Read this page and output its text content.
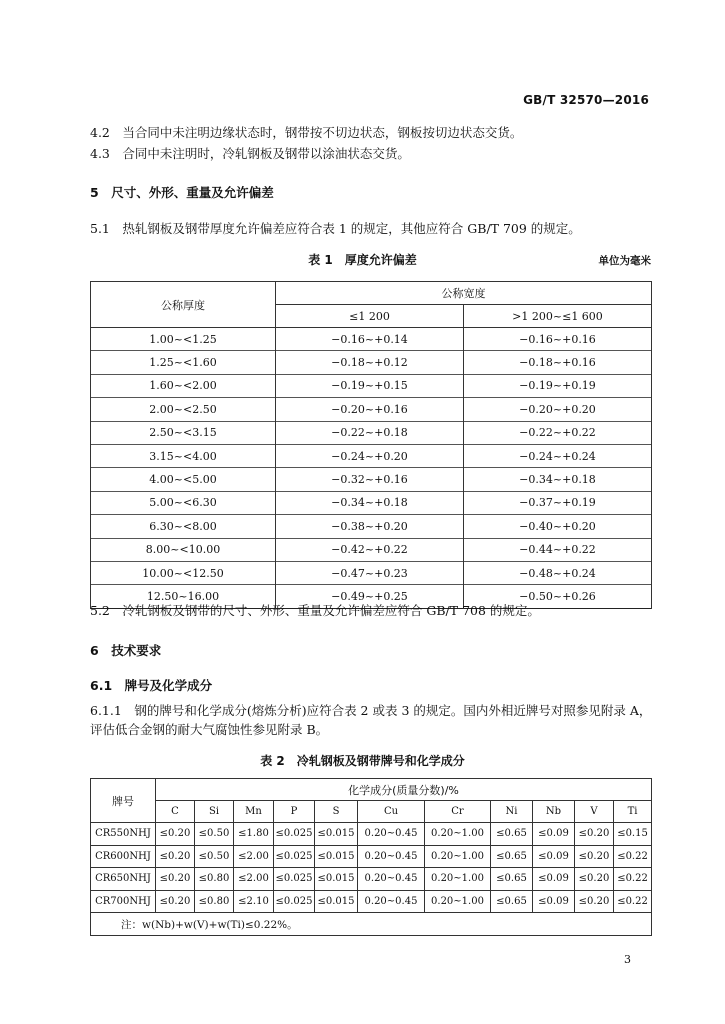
GB/T 32570—2016
4.2　 当合同中未注明边缘状态时，钢带按不切边状态，钢板按切边状态交货。
4.3　 合同中未注明时，冷轧钢板及钢带以涂油状态交货。
5　 尺寸、外形、重量及允许偏差
5.1　 热轧钢板及钢带厚度允许偏差应符合表 1 的规定，其他应符合 GB/T 709 的规定。
表 1　厚度允许偏差	单位为毫米
公称厚度	公称宽度	
	≤1 200	>1 200~≤1 600
1.00~<1.25	−0.16~+0.14	−0.16~+0.16
1.25~<1.60	−0.18~+0.12	−0.18~+0.16
1.60~<2.00	−0.19~+0.15	−0.19~+0.19
2.00~<2.50	−0.20~+0.16	−0.20~+0.20
2.50~<3.15	−0.22~+0.18	−0.22~+0.22
3.15~<4.00	−0.24~+0.20	−0.24~+0.24
4.00~<5.00	−0.32~+0.16	−0.34~+0.18
5.00~<6.30	−0.34~+0.18	−0.37~+0.19
6.30~<8.00	−0.38~+0.20	−0.40~+0.20
8.00~<10.00	−0.42~+0.22	−0.44~+0.22
10.00~<12.50	−0.47~+0.23	−0.48~+0.24
12.50~16.00	−0.49~+0.25	−0.50~+0.26
5.2　 冷轧钢板及钢带的尺寸、外形、重量及允许偏差应符合 GB/T 708 的规定。
6　 技术要求
6.1　 牌号及化学成分
6.1.1　 钢的牌号和化学成分(熔炼分析)应符合表 2 或表 3 的规定。国内外相近牌号对照参见附录 A，
评估低合金钢的耐大气腐蚀性参见附录 B。
表 2　冷轧钢板及钢带牌号和化学成分
牌号	化学成分(质量分数)/%										
	C	Si	Mn	P	S	Cu	Cr	Ni	Nb	V	Ti
CR550NHJ	≤0.20	≤0.50	≤1.80	≤0.025	≤0.015	0.20~0.45	0.20~1.00	≤0.65	≤0.09	≤0.20	≤0.15
CR600NHJ	≤0.20	≤0.50	≤2.00	≤0.025	≤0.015	0.20~0.45	0.20~1.00	≤0.65	≤0.09	≤0.20	≤0.22
CR650NHJ	≤0.20	≤0.80	≤2.00	≤0.025	≤0.015	0.20~0.45	0.20~1.00	≤0.65	≤0.09	≤0.20	≤0.22
CR700NHJ	≤0.20	≤0.80	≤2.10	≤0.025	≤0.015	0.20~0.45	0.20~1.00	≤0.65	≤0.09	≤0.20	≤0.22
注：w(Nb)+w(V)+w(Ti)≤0.22%。											
3
